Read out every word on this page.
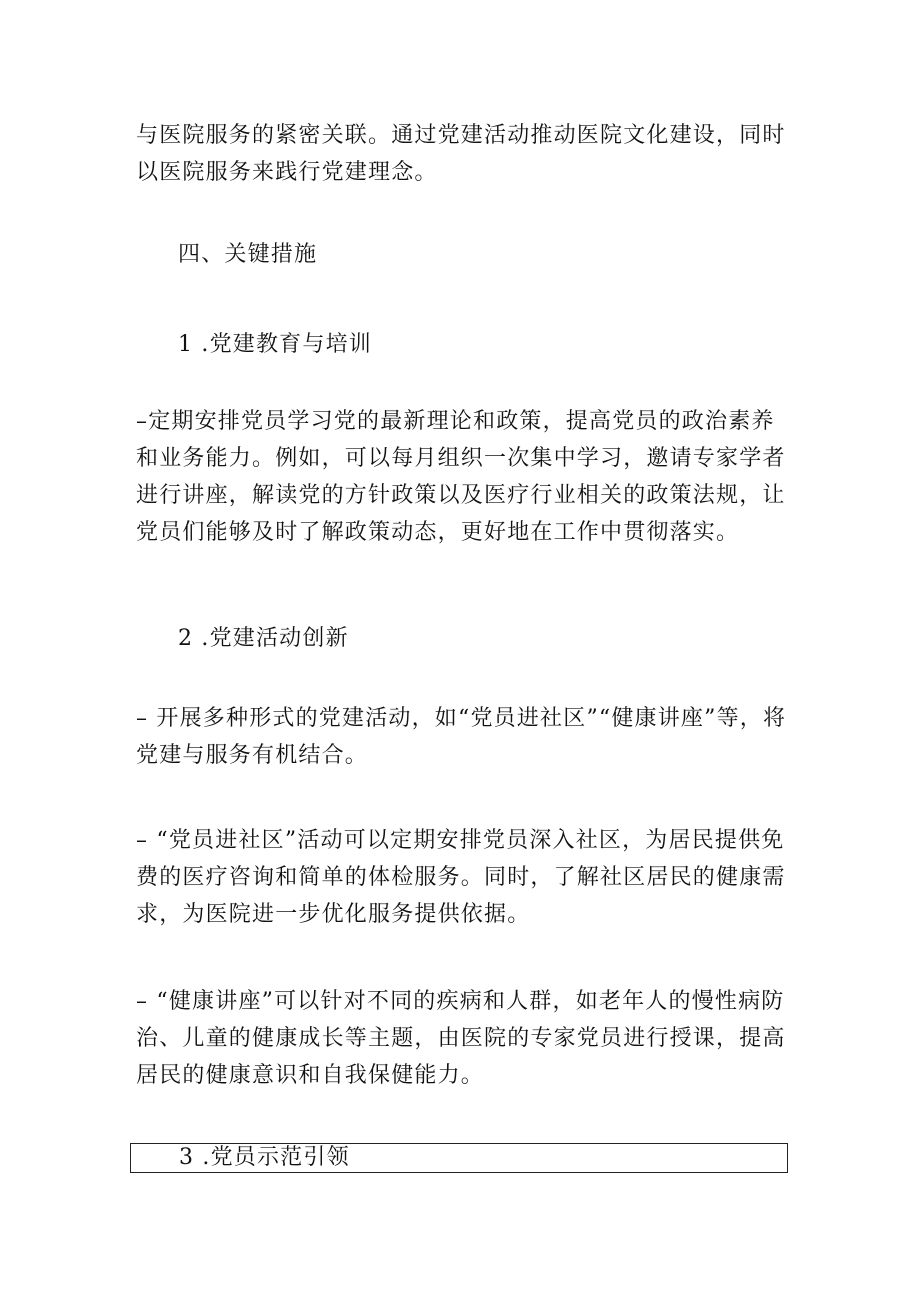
与医院服务的紧密关联。通过党建活动推动医院文化建设，同时以医院服务来践行党建理念。

四、关键措施

1 .党建教育与培训

–定期安排党员学习党的最新理论和政策，提高党员的政治素养和业务能力。例如，可以每月组织一次集中学习，邀请专家学者进行讲座，解读党的方针政策以及医疗行业相关的政策法规，让党员们能够及时了解政策动态，更好地在工作中贯彻落实。

2 .党建活动创新

– 开展多种形式的党建活动，如“党员进社区”“健康讲座”等，将党建与服务有机结合。

– “党员进社区”活动可以定期安排党员深入社区，为居民提供免费的医疗咨询和简单的体检服务。同时，了解社区居民的健康需求，为医院进一步优化服务提供依据。

– “健康讲座”可以针对不同的疾病和人群，如老年人的慢性病防治、儿童的健康成长等主题，由医院的专家党员进行授课，提高居民的健康意识和自我保健能力。

3 .党员示范引领
